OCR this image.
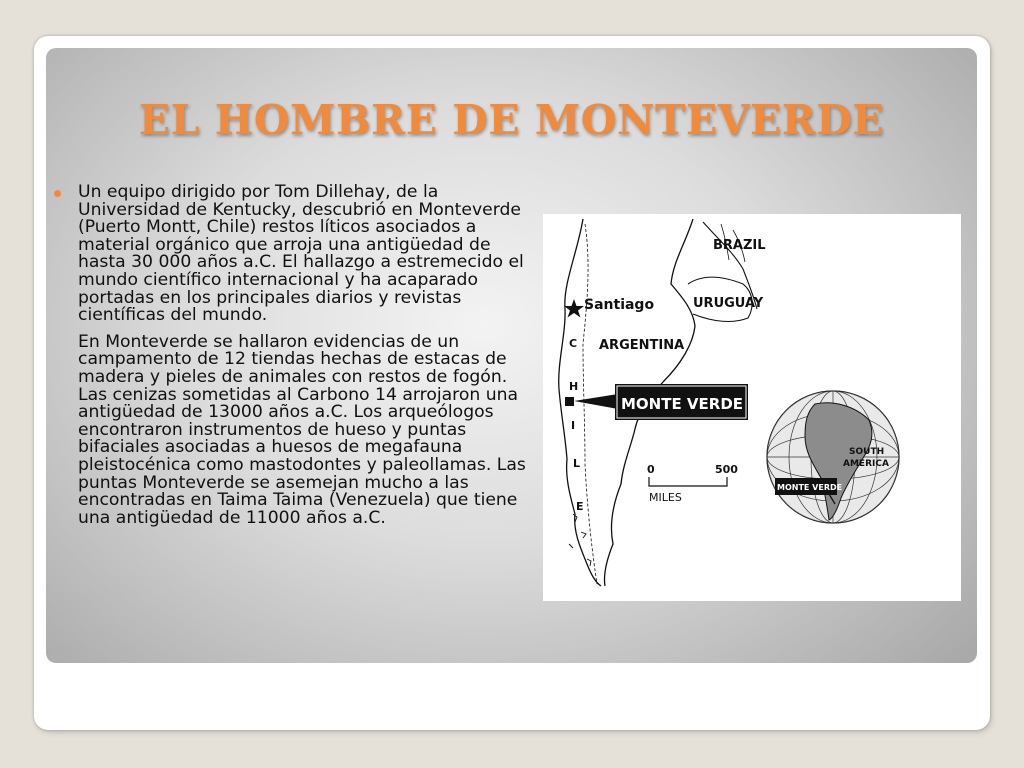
EL HOMBRE DE MONTEVERDE

Un equipo dirigido por Tom Dillehay, de la Universidad de Kentucky, descubrió en Monteverde (Puerto Montt, Chile) restos líticos asociados a material orgánico que arroja una antigüedad de hasta 30 000 años a.C. El hallazgo a estremecido el mundo científico internacional y ha acaparado portadas en los principales diarios y revistas científicas del mundo.

En Monteverde se hallaron evidencias de un campamento de 12 tiendas hechas de estacas de madera y pieles de animales con restos de fogón. Las cenizas sometidas al Carbono 14 arrojaron una antigüedad de 13000 años a.C. Los arqueólogos encontraron instrumentos de hueso y puntas bifaciales asociadas a huesos de megafauna pleistocénica como mastodontes y paleollamas. Las puntas Monteverde se asemejan mucho a las encontradas en Taima Taima (Venezuela) que tiene una antigüedad de 11000 años a.C.

BRAZIL
Santiago	URUGUAY
ARGENTINA
C
H
I
L
E
MONTE VERDE
0	500
MILES
SOUTH
AMERICA
MONTE VERDE
